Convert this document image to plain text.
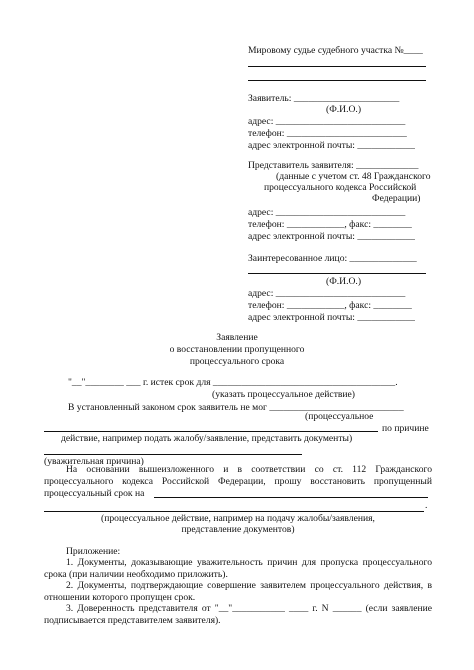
Мировому судье судебного участка №____
Заявитель: ______________________
(Ф.И.О.)
адрес: ___________________________
телефон: _________________________
адрес электронной почты: ____________
Представитель заявителя: _____________
(данные с учетом ст. 48 Гражданского
процессуального кодекса Российской
Федерации)
адрес: ___________________________
телефон: ____________, факс: ________
адрес электронной почты: ____________
Заинтересованное лицо: ______________
(Ф.И.О.)
адрес: ___________________________
телефон: ____________, факс: ________
адрес электронной почты: ____________
Заявление
о восстановлении пропущенного
процессуального срока
"__"________ ___ г. истек срок для ______________________________________.
(указать процессуальное действие)
В установленный законом срок заявитель не мог ____________________________
(процессуальное
по причине
действие, например подать жалобу/заявление, представить документы)
(уважительная причина)
На основании вышеизложенного и в соответствии со ст. 112 Гражданского процессуального кодекса Российской Федерации, прошу восстановить пропущенный процессуальный срок на
.
(процессуальное действие, например на подачу жалобы/заявления,
представление документов)
Приложение:
1. Документы, доказывающие уважительность причин для пропуска процессуального срока (при наличии необходимо приложить).
2. Документы, подтверждающие совершение заявителем процессуального действия, в отношении которого пропущен срок.
3. Доверенность представителя от "__"___________ ____ г. N ______ (если заявление подписывается представителем заявителя).
